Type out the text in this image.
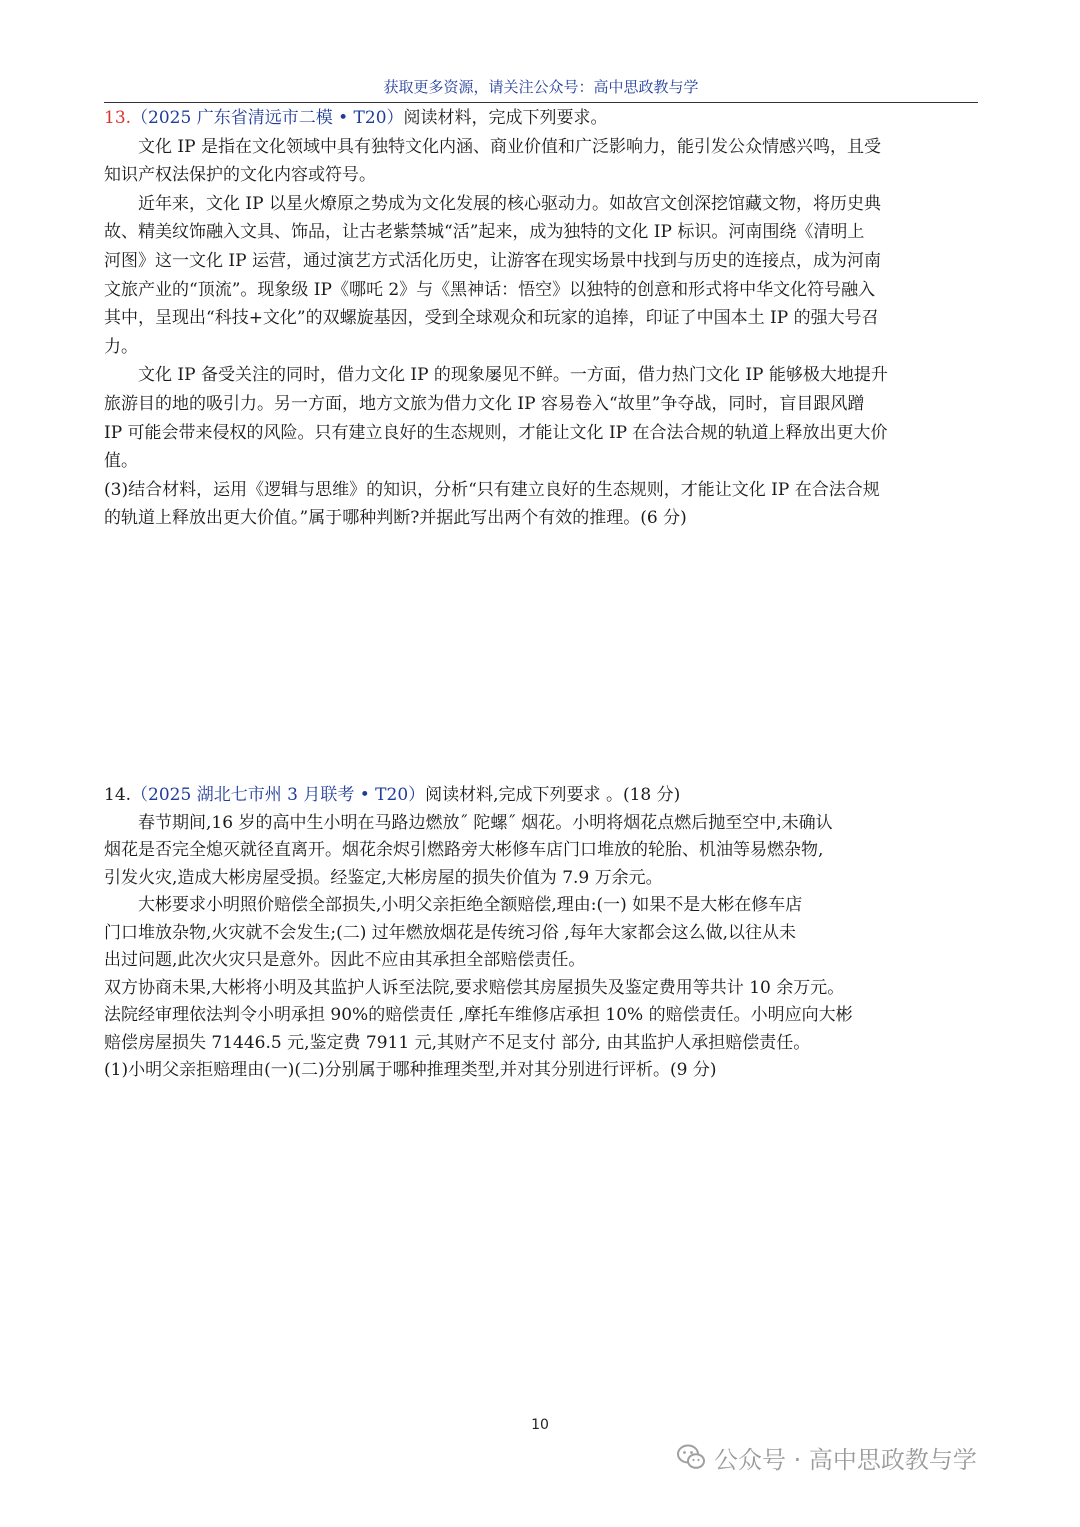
获取更多资源，请关注公众号：高中思政教与学
13.（2025 广东省清远市二模 • T20）阅读材料，完成下列要求。
文化 IP 是指在文化领域中具有独特文化内涵、商业价值和广泛影响力，能引发公众情感兴鸣，且受
知识产权法保护的文化内容或符号。
近年来，文化 IP 以星火燎原之势成为文化发展的核心驱动力。如故宫文创深挖馆藏文物，将历史典
故、精美纹饰融入文具、饰品，让古老紫禁城“活”起来，成为独特的文化 IP 标识。河南围绕《清明上
河图》这一文化 IP 运营，通过演艺方式活化历史，让游客在现实场景中找到与历史的连接点，成为河南
文旅产业的“顶流”。现象级 IP《哪吒 2》与《黑神话：悟空》以独特的创意和形式将中华文化符号融入
其中，呈现出“科技+文化”的双螺旋基因，受到全球观众和玩家的追捧，印证了中国本土 IP 的强大号召
力。
文化 IP 备受关注的同时，借力文化 IP 的现象屡见不鲜。一方面，借力热门文化 IP 能够极大地提升
旅游目的地的吸引力。另一方面，地方文旅为借力文化 IP 容易卷入“故里”争夺战，同时，盲目跟风蹭
IP 可能会带来侵权的风险。只有建立良好的生态规则，才能让文化 IP 在合法合规的轨道上释放出更大价
值。
(3)结合材料，运用《逻辑与思维》的知识，分析“只有建立良好的生态规则，才能让文化 IP 在合法合规
的轨道上释放出更大价值。”属于哪种判断?并据此写出两个有效的推理。(6 分)
14.（2025 湖北七市州 3 月联考 • T20）阅读材料,完成下列要求 。(18 分)
春节期间,16 岁的高中生小明在马路边燃放˝ 陀螺˝ 烟花。小明将烟花点燃后抛至空中,未确认
烟花是否完全熄灭就径直离开。烟花余烬引燃路旁大彬修车店门口堆放的轮胎、机油等易燃杂物,
引发火灾,造成大彬房屋受损。经鉴定,大彬房屋的损失价值为 7.9 万余元。
大彬要求小明照价赔偿全部损失,小明父亲拒绝全额赔偿,理由:(一) 如果不是大彬在修车店
门口堆放杂物,火灾就不会发生;(二) 过年燃放烟花是传统习俗 ,每年大家都会这么做,以往从未
出过问题,此次火灾只是意外。因此不应由其承担全部赔偿责任。
双方协商未果,大彬将小明及其监护人诉至法院,要求赔偿其房屋损失及鉴定费用等共计 10 余万元。
法院经审理依法判令小明承担 90%的赔偿责任 ,摩托车维修店承担 10% 的赔偿责任。小明应向大彬
赔偿房屋损失 71446.5 元,鉴定费 7911 元,其财产不足支付 部分, 由其监护人承担赔偿责任。
(1)小明父亲拒赔理由(一)(二)分别属于哪种推理类型,并对其分别进行评析。(9 分)
10
公众号 · 高中思政教与学
